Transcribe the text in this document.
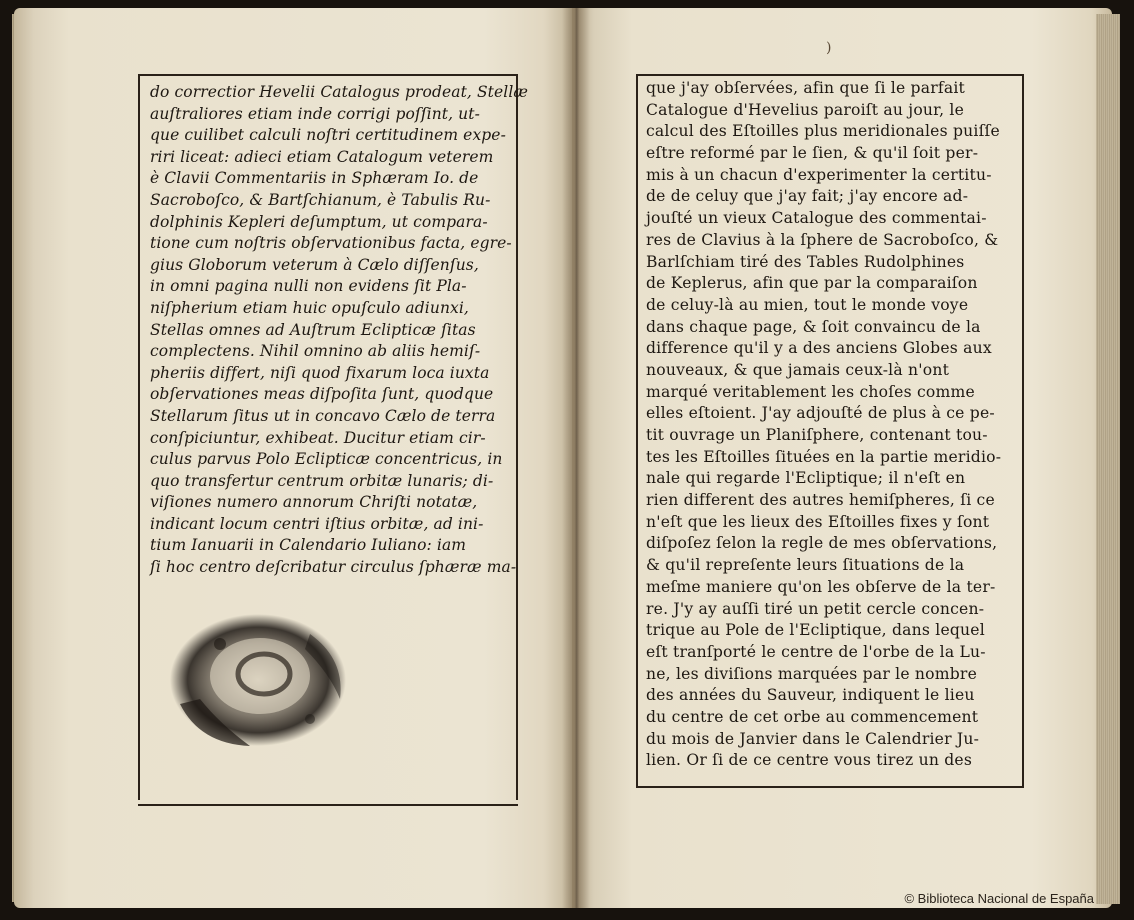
do correctior Hevelii Catalogus prodeat, Stellæ
auſtraliores etiam inde corrigi poſſint, ut-
que cuilibet calculi noſtri certitudinem expe-
riri liceat: adieci etiam Catalogum veterem
è Clavii Commentariis in Sphæram Io. de
Sacroboſco, & Bartſchianum, è Tabulis Ru-
dolphinis Kepleri deſumptum, ut compara-
tione cum noſtris obſervationibus facta, egre-
gius Globorum veterum à Cælo diſſenſus,
in omni pagina nulli non evidens ſit Pla-
niſpherium etiam huic opuſculo adiunxi,
Stellas omnes ad Auſtrum Eclipticæ ſitas
complectens. Nihil omnino ab aliis hemiſ-
pheriis differt, niſi quod fixarum loca iuxta
obſervationes meas diſpoſita ſunt, quodque
Stellarum ſitus ut in concavo Cælo de terra
conſpiciuntur, exhibeat. Ducitur etiam cir-
culus parvus Polo Eclipticæ concentricus, in
quo transfertur centrum orbitæ lunaris; di-
viſiones numero annorum Chriſti notatæ,
indicant locum centri iſtius orbitæ, ad ini-
tium Ianuarii in Calendario Iuliano: iam
ſi hoc centro deſcribatur circulus ſphæræ ma-
)
que j'ay obſervées, afin que ſi le parfait
Catalogue d'Hevelius paroiſt au jour, le
calcul des Eſtoilles plus meridionales puiſſe
eſtre reformé par le ſien, & qu'il ſoit per-
mis à un chacun d'experimenter la certitu-
de de celuy que j'ay fait; j'ay encore ad-
jouſté un vieux Catalogue des commentai-
res de Clavius à la ſphere de Sacroboſco, &
Barlſchiam tiré des Tables Rudolphines
de Keplerus, afin que par la comparaiſon
de celuy-là au mien, tout le monde voye
dans chaque page, & ſoit convaincu de la
difference qu'il y a des anciens Globes aux
nouveaux, & que jamais ceux-là n'ont
marqué veritablement les choſes comme
elles eſtoient. J'ay adjouſté de plus à ce pe-
tit ouvrage un Planiſphere, contenant tou-
tes les Eſtoilles ſituées en la partie meridio-
nale qui regarde l'Ecliptique; il n'eſt en
rien different des autres hemiſpheres, ſi ce
n'eſt que les lieux des Eſtoilles fixes y ſont
diſpoſez ſelon la regle de mes obſervations,
& qu'il repreſente leurs ſituations de la
meſme maniere qu'on les obſerve de la ter-
re. J'y ay auſſi tiré un petit cercle concen-
trique au Pole de l'Ecliptique, dans lequel
eſt tranſporté le centre de l'orbe de la Lu-
ne, les diviſions marquées par le nombre
des années du Sauveur, indiquent le lieu
du centre de cet orbe au commencement
du mois de Janvier dans le Calendrier Ju-
lien. Or ſi de ce centre vous tirez un des
© Biblioteca Nacional de España
